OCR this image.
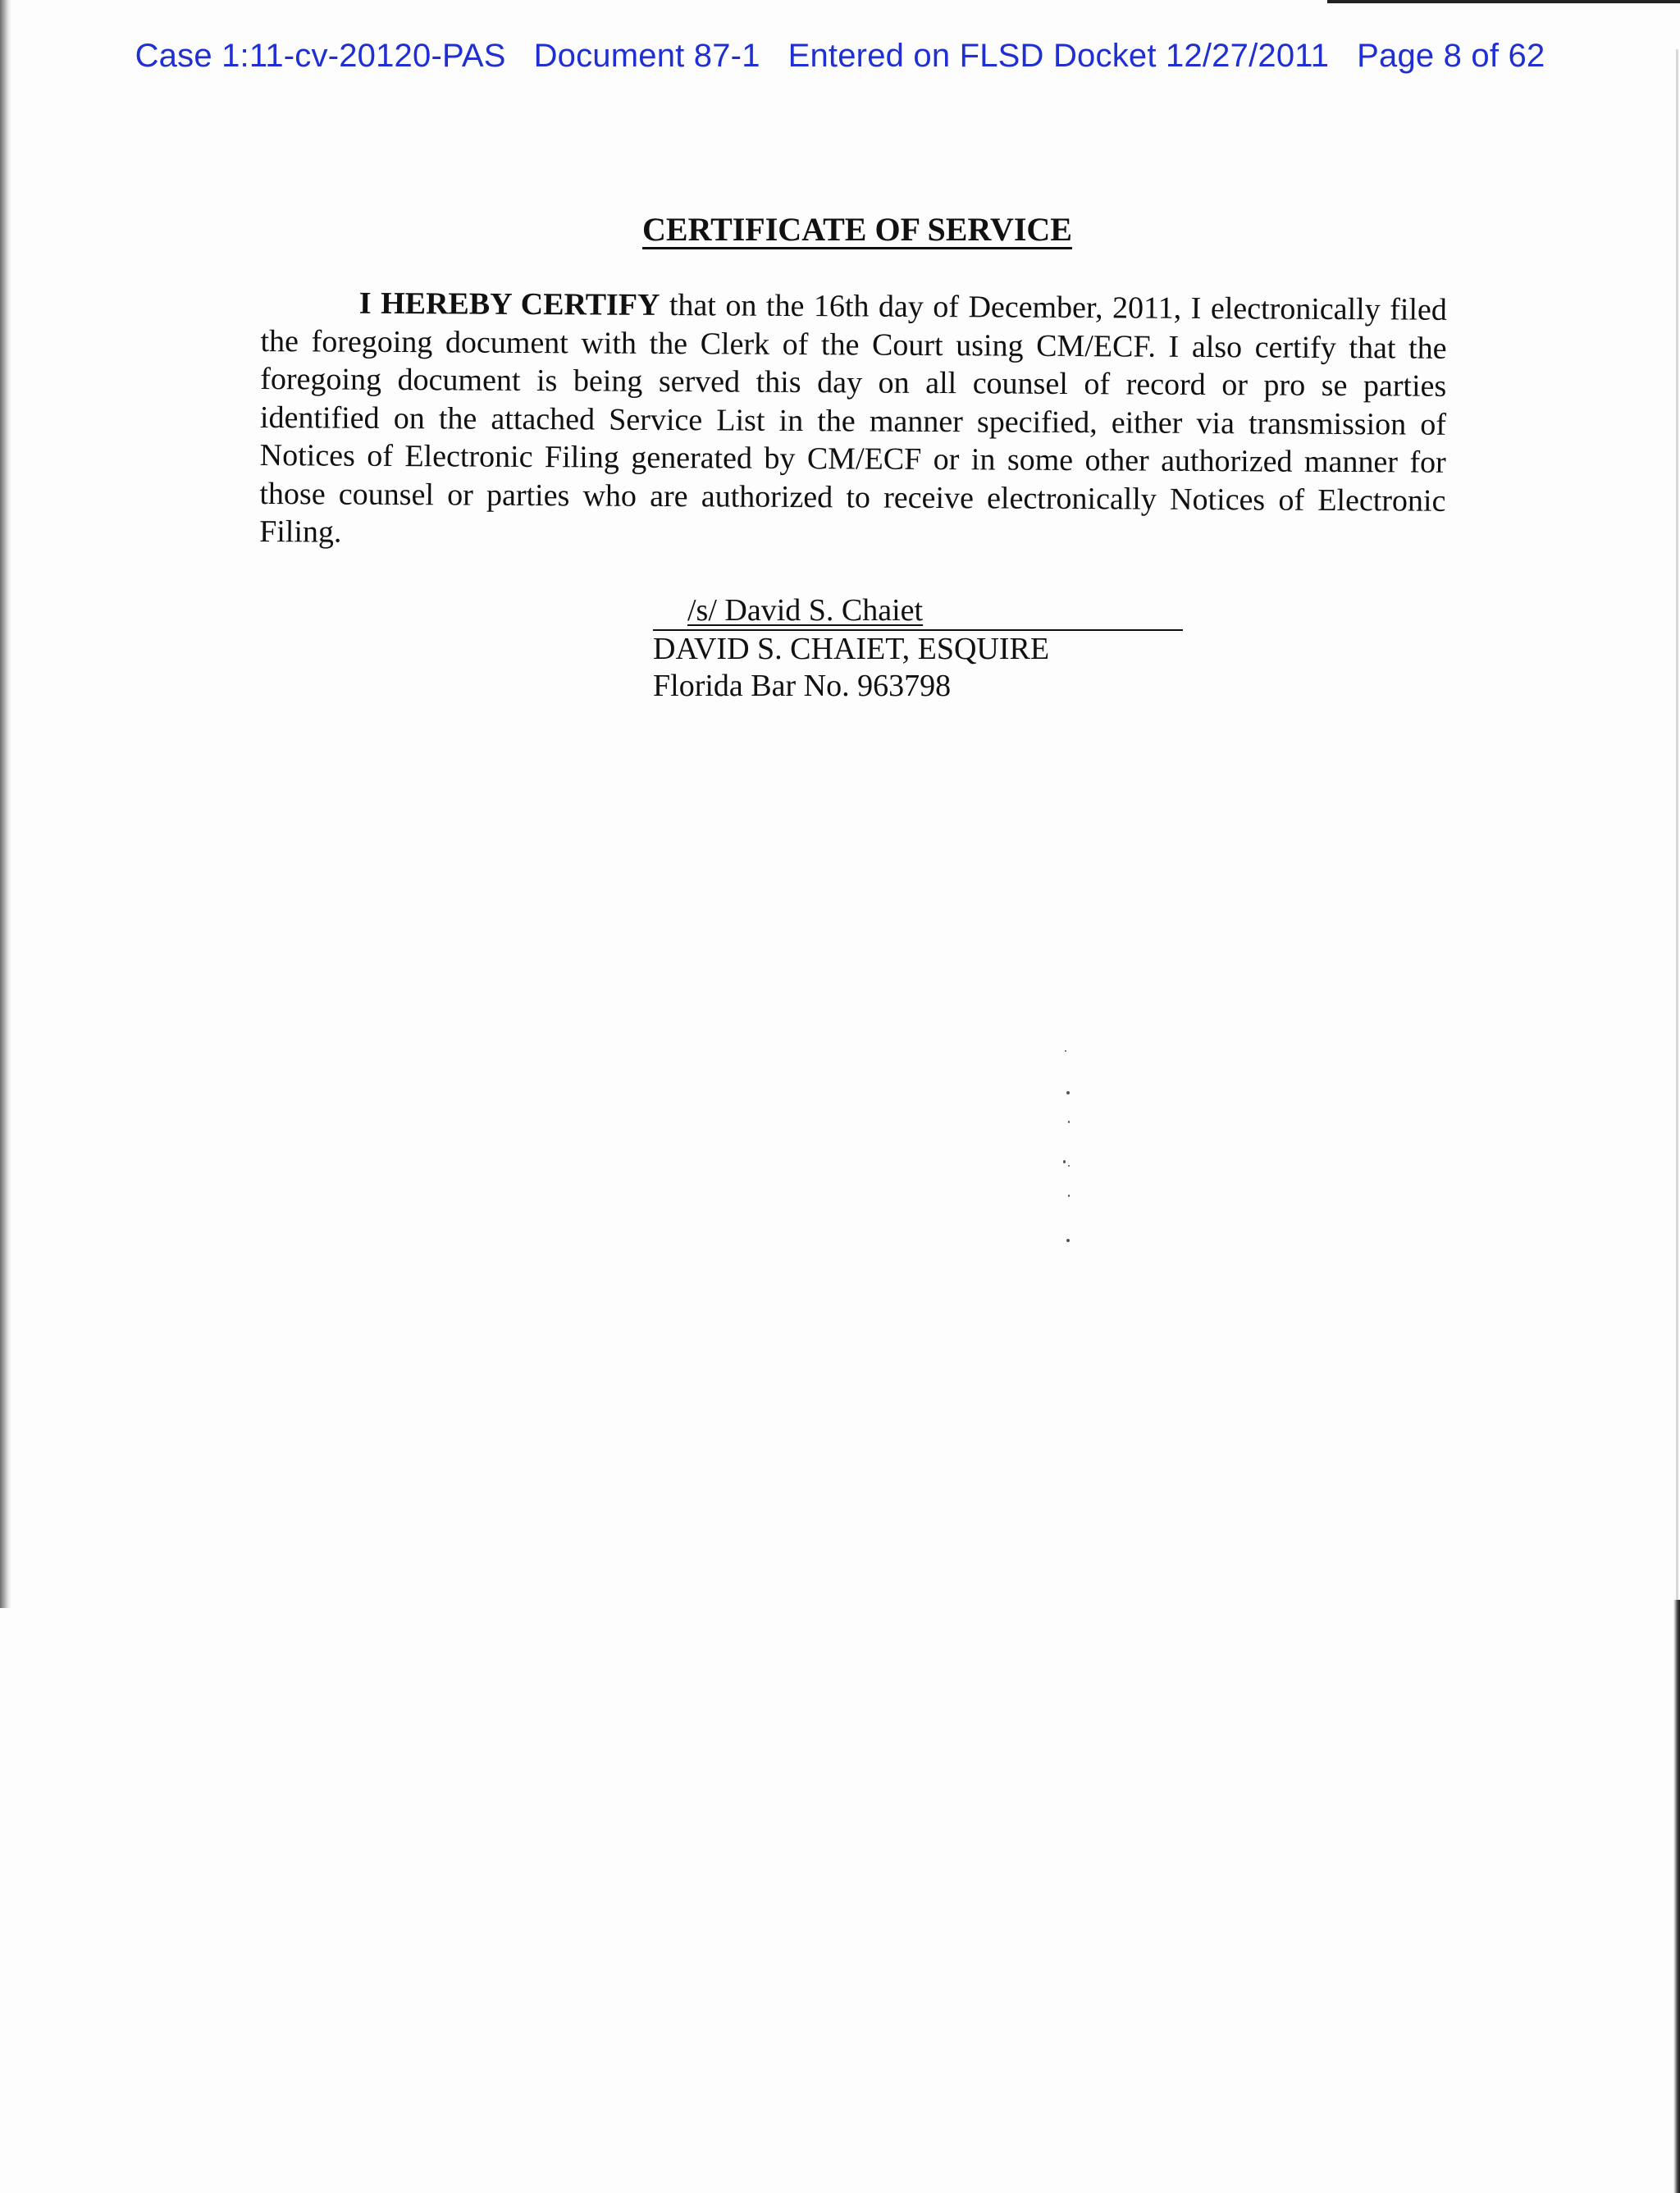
Case 1:11-cv-20120-PAS   Document 87-1   Entered on FLSD Docket 12/27/2011   Page 8 of 62
CERTIFICATE OF SERVICE

I HEREBY CERTIFY that on the 16th day of December, 2011, I electronically filed the foregoing document with the Clerk of the Court using CM/ECF. I also certify that the foregoing document is being served this day on all counsel of record or pro se parties identified on the attached Service List in the manner specified, either via transmission of Notices of Electronic Filing generated by CM/ECF or in some other authorized manner for those counsel or parties who are authorized to receive electronically Notices of Electronic Filing.

/s/ David S. Chaiet
DAVID S. CHAIET, ESQUIRE
Florida Bar No. 963798
